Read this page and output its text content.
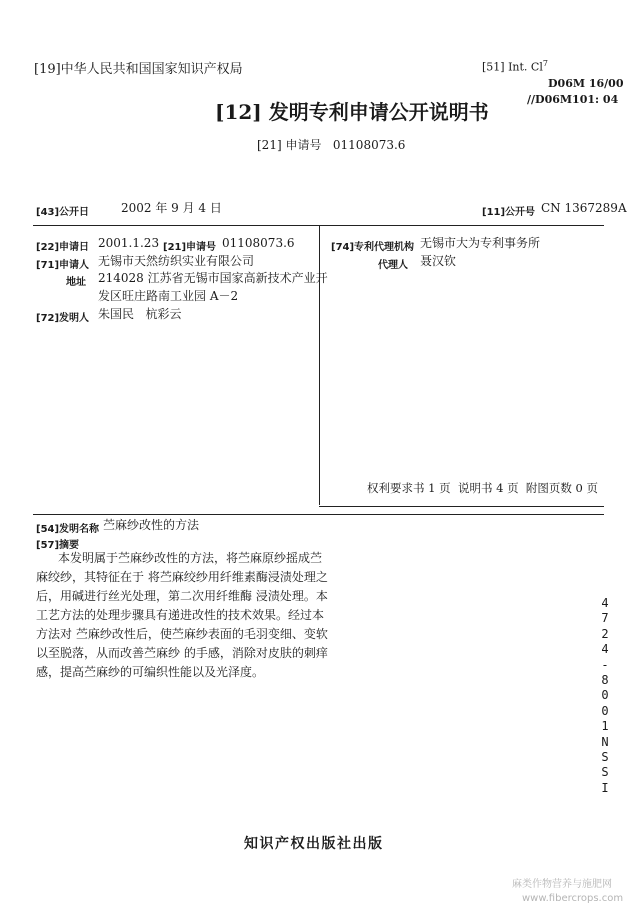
[19]中华人民共和国国家知识产权局	[51] Int. Cl$^7$
D06M 16/00
//D06M101: 04
[12] 发明专利申请公开说明书
[21] 申请号 01108073.6
[43]公开日	2002 年 9 月 4 日	[11]公开号 CN 1367289A
[22]申请日 2001.1.23 [21]申请号 01108073.6
[71]申请人 无锡市天然纺织实业有限公司
地址 214028 江苏省无锡市国家高新技术产业开
发区旺庄路南工业园 A－2
[72]发明人 朱国民   杭彩云
[74]专利代理机构 无锡市大为专利事务所
代理人 聂汉钦
权利要求书 1 页  说明书 4 页  附图页数 0 页
[54]发明名称 苎麻纱改性的方法
[57]摘要
本发明属于苎麻纱改性的方法，将苎麻原纱摇成苎
麻绞纱，其特征在于 将苎麻绞纱用纤维素酶浸渍处理之
后，用碱进行丝光处理，第二次用纤维酶 浸渍处理。本
工艺方法的处理步骤具有递进改性的技术效果。经过本
方法对 苎麻纱改性后，使苎麻纱表面的毛羽变细、变软
以至脱落，从而改善苎麻纱 的手感，消除对皮肤的刺痒
感，提高苎麻纱的可编织性能以及光泽度。
4
7
2
4
-
8
0
0
1
N
S
S
I
知识产权出版社出版
麻类作物营养与施肥网
www.fibercrops.com
